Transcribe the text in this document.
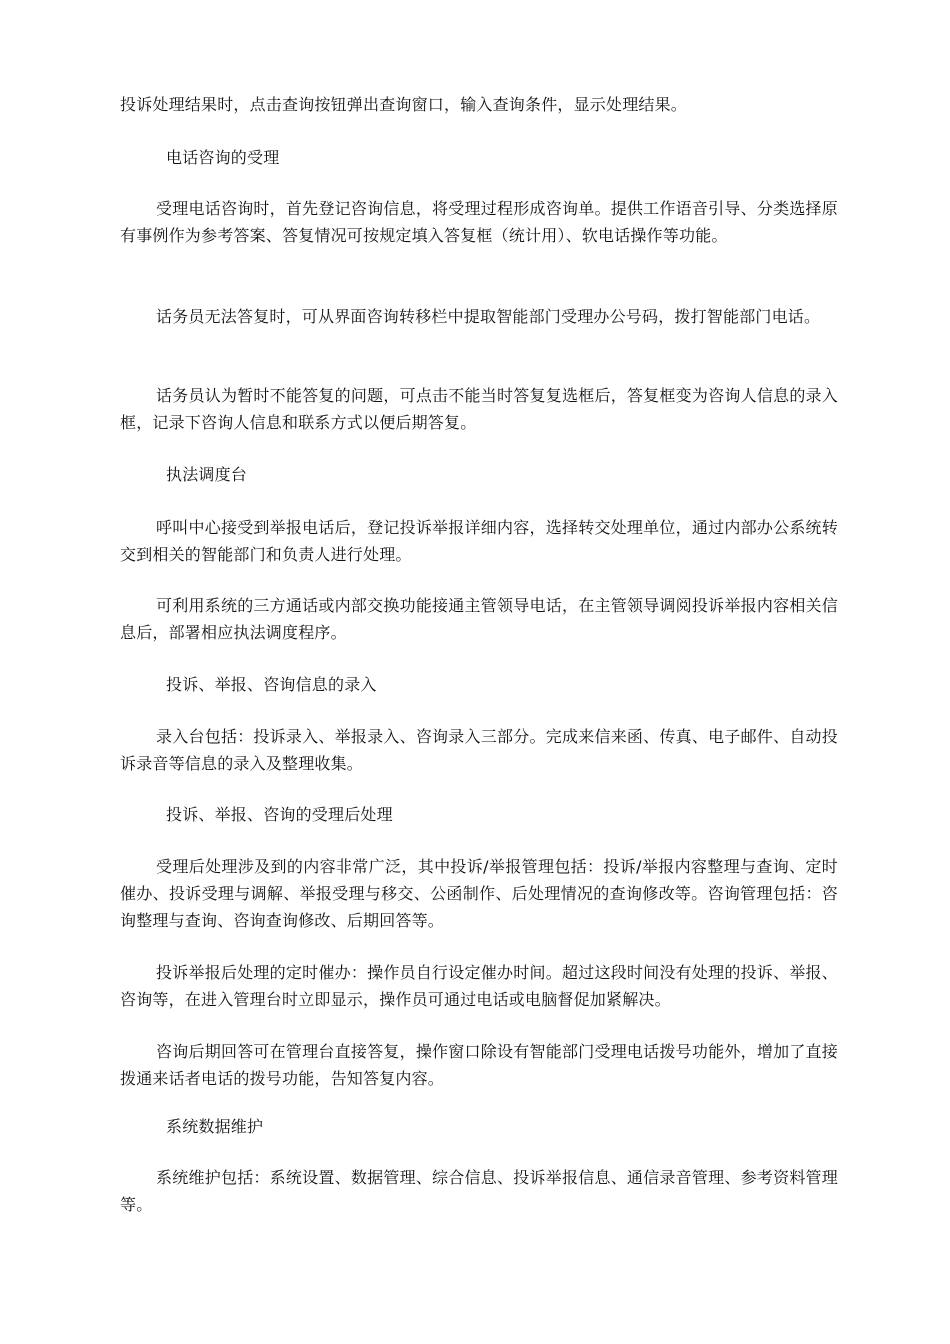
投诉处理结果时，点击查询按钮弹出查询窗口，输入查询条件，显示处理结果。

电话咨询的受理

受理电话咨询时，首先登记咨询信息，将受理过程形成咨询单。提供工作语音引导、分类选择原有事例作为参考答案、答复情况可按规定填入答复框（统计用）、软电话操作等功能。

话务员无法答复时，可从界面咨询转移栏中提取智能部门受理办公号码，拨打智能部门电话。

话务员认为暂时不能答复的问题，可点击不能当时答复复选框后，答复框变为咨询人信息的录入框，记录下咨询人信息和联系方式以便后期答复。

执法调度台

呼叫中心接受到举报电话后，登记投诉举报详细内容，选择转交处理单位，通过内部办公系统转交到相关的智能部门和负责人进行处理。

可利用系统的三方通话或内部交换功能接通主管领导电话，在主管领导调阅投诉举报内容相关信息后，部署相应执法调度程序。

投诉、举报、咨询信息的录入

录入台包括：投诉录入、举报录入、咨询录入三部分。完成来信来函、传真、电子邮件、自动投诉录音等信息的录入及整理收集。

投诉、举报、咨询的受理后处理

受理后处理涉及到的内容非常广泛，其中投诉/举报管理包括：投诉/举报内容整理与查询、定时催办、投诉受理与调解、举报受理与移交、公函制作、后处理情况的查询修改等。咨询管理包括：咨询整理与查询、咨询查询修改、后期回答等。

投诉举报后处理的定时催办：操作员自行设定催办时间。超过这段时间没有处理的投诉、举报、咨询等，在进入管理台时立即显示，操作员可通过电话或电脑督促加紧解决。

咨询后期回答可在管理台直接答复，操作窗口除设有智能部门受理电话拨号功能外，增加了直接拨通来话者电话的拨号功能，告知答复内容。

系统数据维护

系统维护包括：系统设置、数据管理、综合信息、投诉举报信息、通信录音管理、参考资料管理等。
